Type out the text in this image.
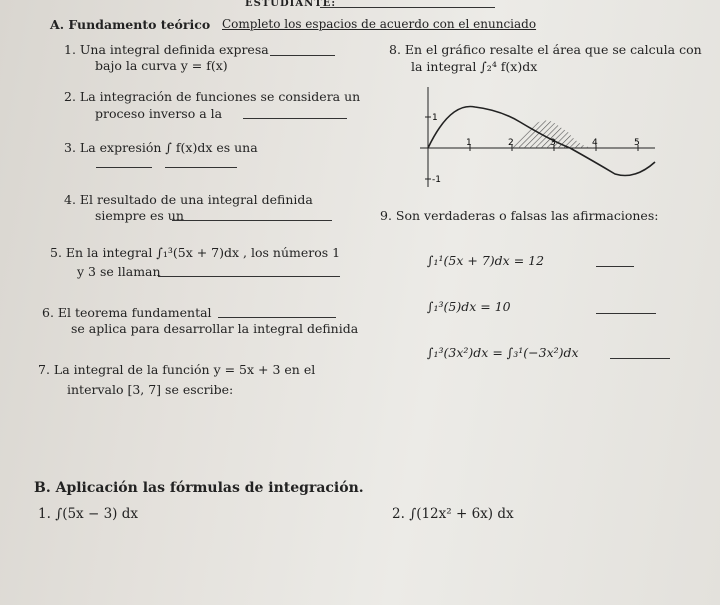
ESTUDIANTE:
A. Fundamento teórico Completo los espacios de acuerdo con el enunciado
1. Una integral definida expresa
bajo la curva y = f(x)
2. La integración de funciones se considera un
proceso inverso a la
3. La expresión ∫ f(x)dx es una
4. El resultado de una integral definida
siempre es un
5. En la integral ∫₁³(5x + 7)dx , los números 1
y 3 se llaman
6. El teorema fundamental
se aplica para desarrollar la integral definida
7. La integral de la función y = 5x + 3 en el
intervalo [3, 7] se escribe:
8. En el gráfico resalte el área que se calcula con
la integral ∫₂⁴ f(x)dx
1	2	3	4	5
1
-1
9. Son verdaderas o falsas las afirmaciones:
∫₁¹(5x + 7)dx = 12
∫₁³(5)dx = 10
∫₁³(3x²)dx = ∫₃¹(−3x²)dx
B. Aplicación las fórmulas de integración.
1. ∫(5x − 3) dx	2. ∫(12x² + 6x) dx
